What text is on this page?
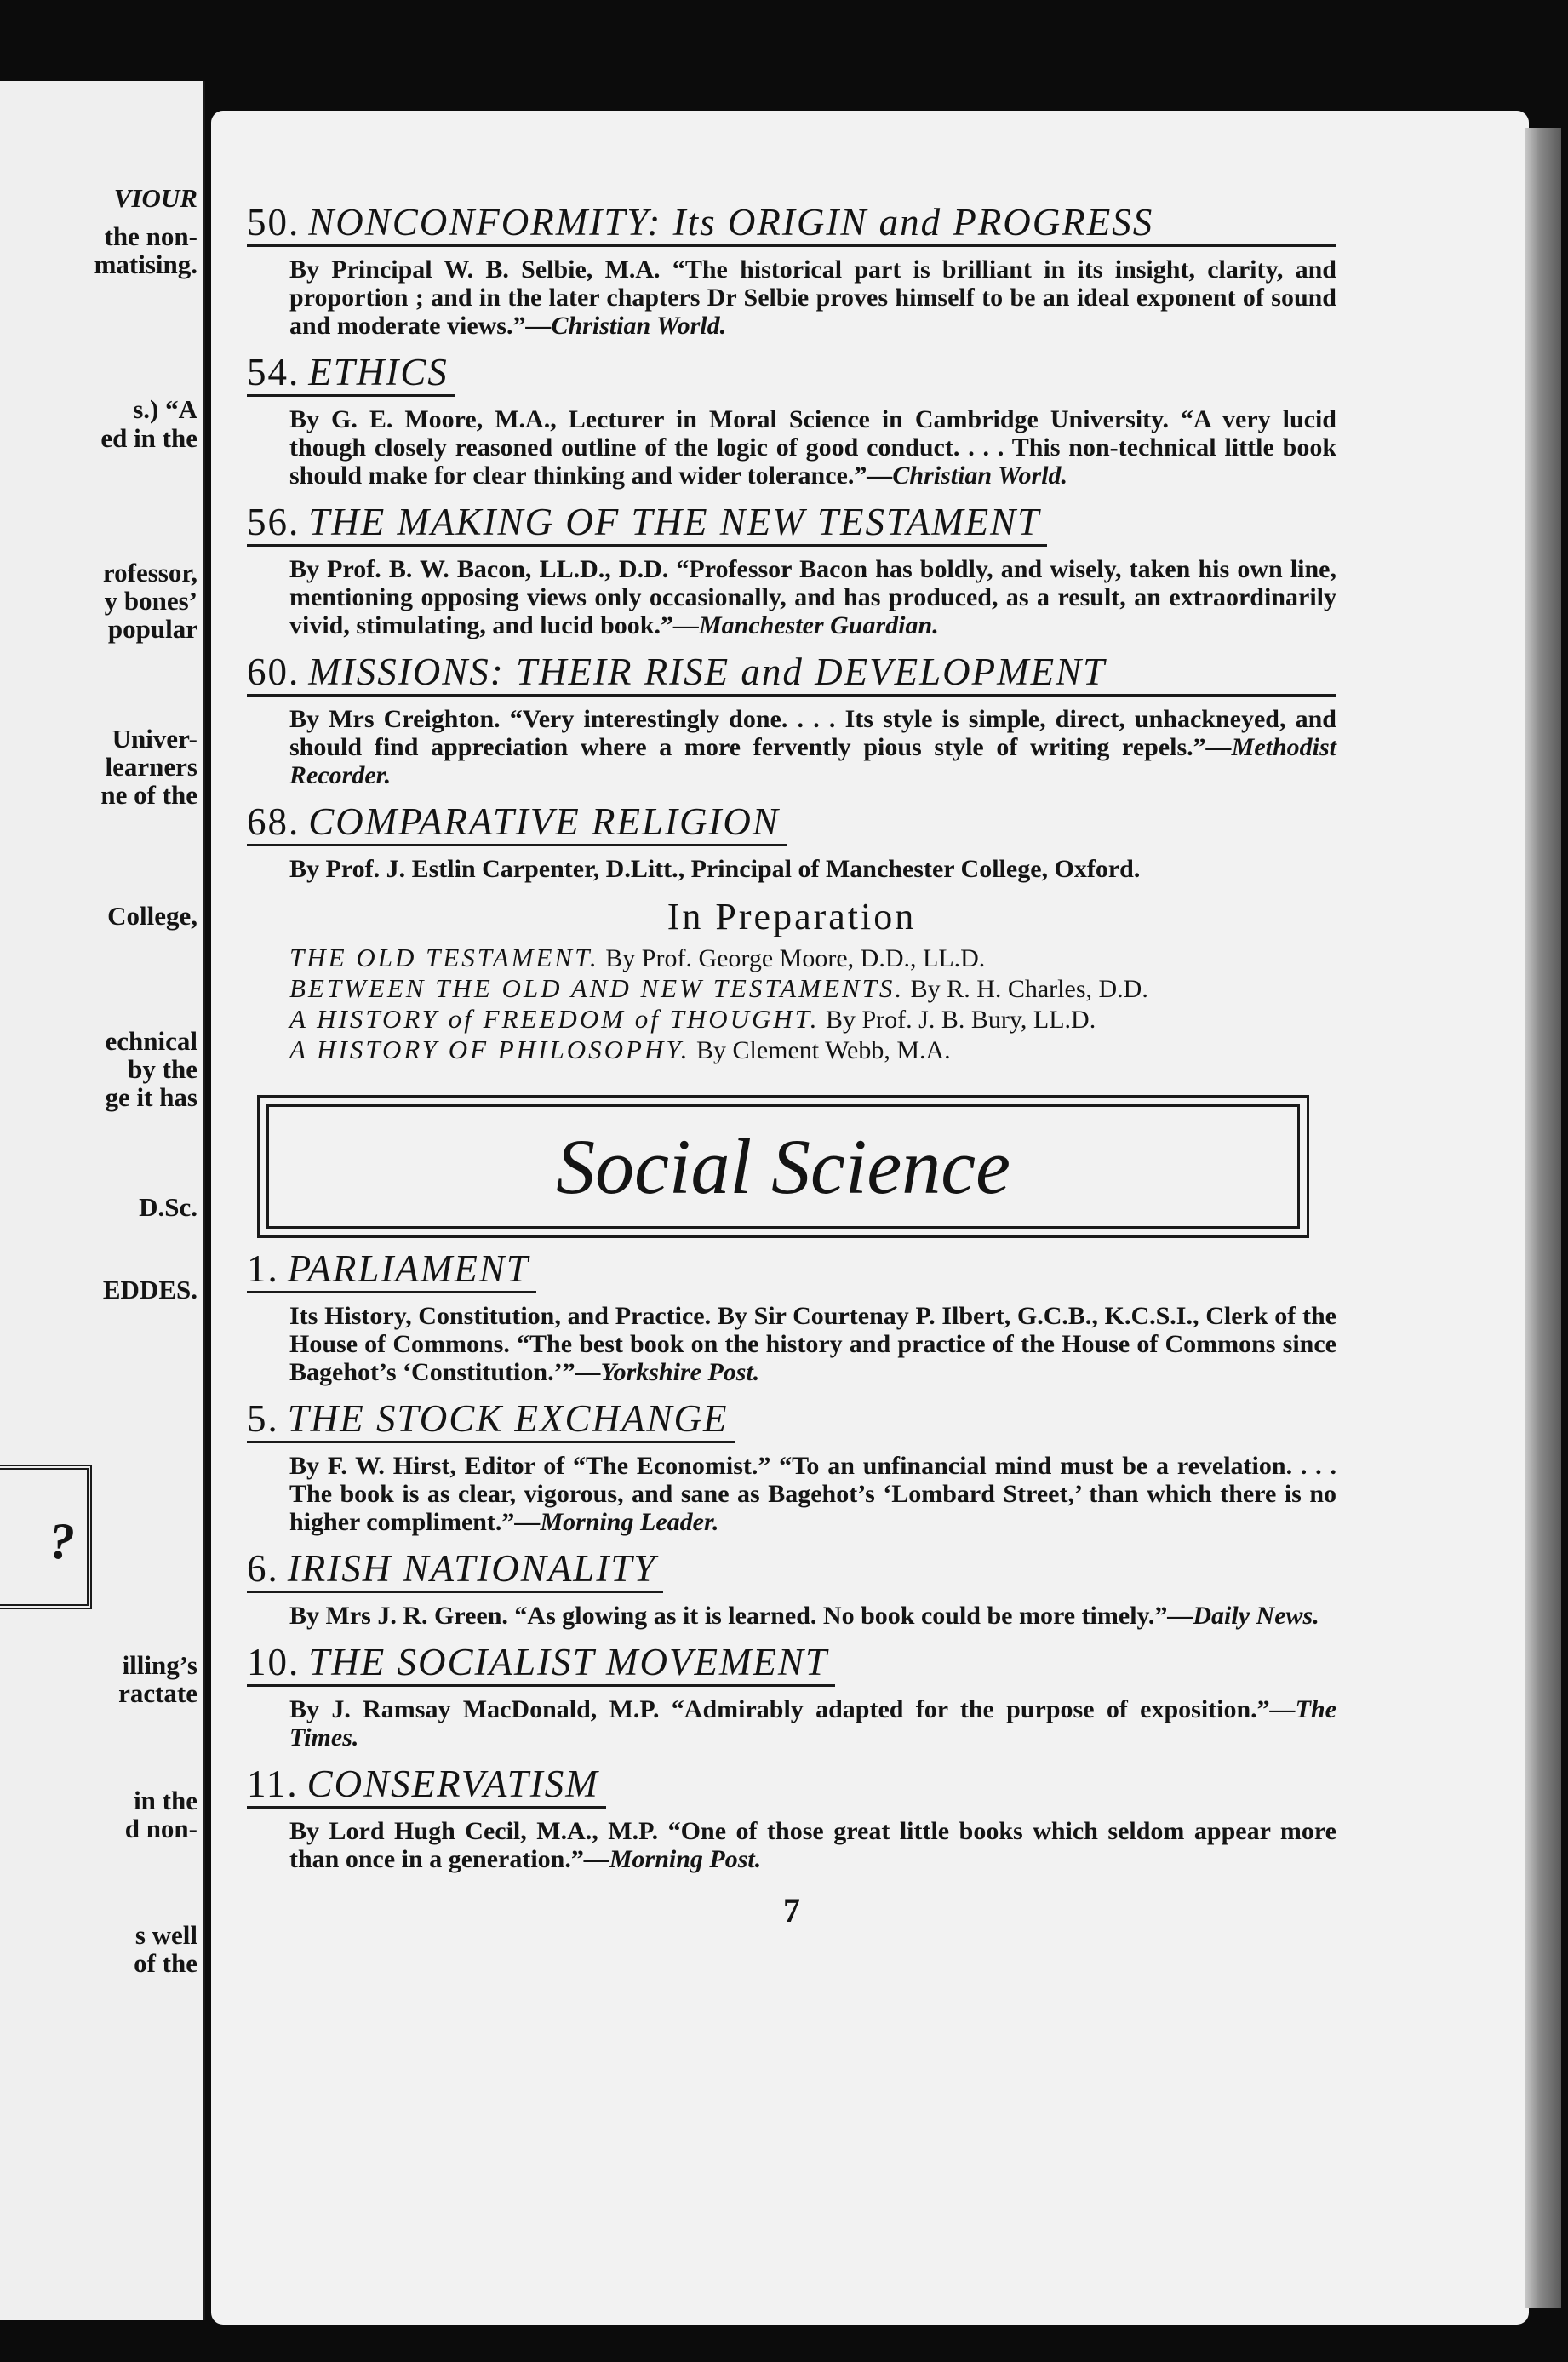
VIOUR
the non-
matising.
s.) “A
ed in the
rofessor,
y bones’
popular
Univer-
learners
ne of the
College,
echnical
by the
ge it has
D.Sc.
EDDES.
illing’s
ractate
in the
d non-
s well
of the
?
50. NONCONFORMITY: Its ORIGIN and PROGRESS
By Principal W. B. Selbie, M.A. “The historical part is brilliant in its insight, clarity, and proportion ; and in the later chapters Dr Selbie proves himself to be an ideal exponent of sound and moderate views.”—Christian World.
54. ETHICS
By G. E. Moore, M.A., Lecturer in Moral Science in Cambridge University. “A very lucid though closely reasoned outline of the logic of good conduct. . . . This non-technical little book should make for clear thinking and wider tolerance.”—Christian World.
56. THE MAKING OF THE NEW TESTAMENT
By Prof. B. W. Bacon, LL.D., D.D. “Professor Bacon has boldly, and wisely, taken his own line, mentioning opposing views only occasionally, and has produced, as a result, an extraordinarily vivid, stimulating, and lucid book.”—Manchester Guardian.
60. MISSIONS: THEIR RISE and DEVELOPMENT
By Mrs Creighton. “Very interestingly done. . . . Its style is simple, direct, unhackneyed, and should find appreciation where a more fervently pious style of writing repels.”—Methodist Recorder.
68. COMPARATIVE RELIGION
By Prof. J. Estlin Carpenter, D.Litt., Principal of Manchester College, Oxford.
In Preparation
THE OLD TESTAMENT. By Prof. George Moore, D.D., LL.D.
BETWEEN THE OLD AND NEW TESTAMENTS. By R. H. Charles, D.D.
A HISTORY of FREEDOM of THOUGHT. By Prof. J. B. Bury, LL.D.
A HISTORY OF PHILOSOPHY. By Clement Webb, M.A.
Social Science
1. PARLIAMENT
Its History, Constitution, and Practice. By Sir Courtenay P. Ilbert, G.C.B., K.C.S.I., Clerk of the House of Commons. “The best book on the history and practice of the House of Commons since Bagehot’s ‘Constitution.’”—Yorkshire Post.
5. THE STOCK EXCHANGE
By F. W. Hirst, Editor of “The Economist.” “To an unfinancial mind must be a revelation. . . . The book is as clear, vigorous, and sane as Bagehot’s ‘Lombard Street,’ than which there is no higher compliment.”—Morning Leader.
6. IRISH NATIONALITY
By Mrs J. R. Green. “As glowing as it is learned. No book could be more timely.”—Daily News.
10. THE SOCIALIST MOVEMENT
By J. Ramsay MacDonald, M.P. “Admirably adapted for the purpose of exposition.”—The Times.
11. CONSERVATISM
By Lord Hugh Cecil, M.A., M.P. “One of those great little books which seldom appear more than once in a generation.”—Morning Post.
7
